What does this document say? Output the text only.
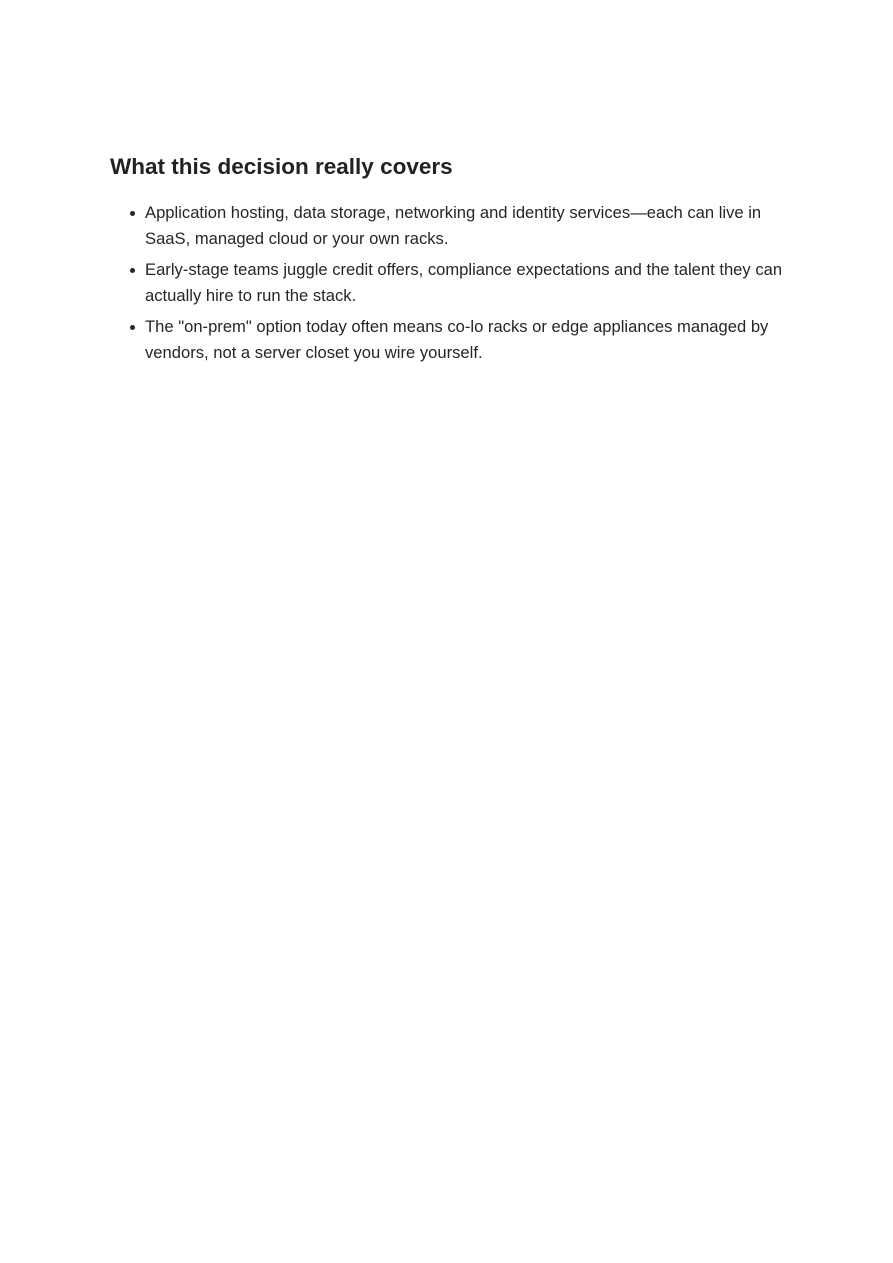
What this decision really covers
Application hosting, data storage, networking and identity services—each can live in SaaS, managed cloud or your own racks.
Early-stage teams juggle credit offers, compliance expectations and the talent they can actually hire to run the stack.
The "on-prem" option today often means co-lo racks or edge appliances managed by vendors, not a server closet you wire yourself.
